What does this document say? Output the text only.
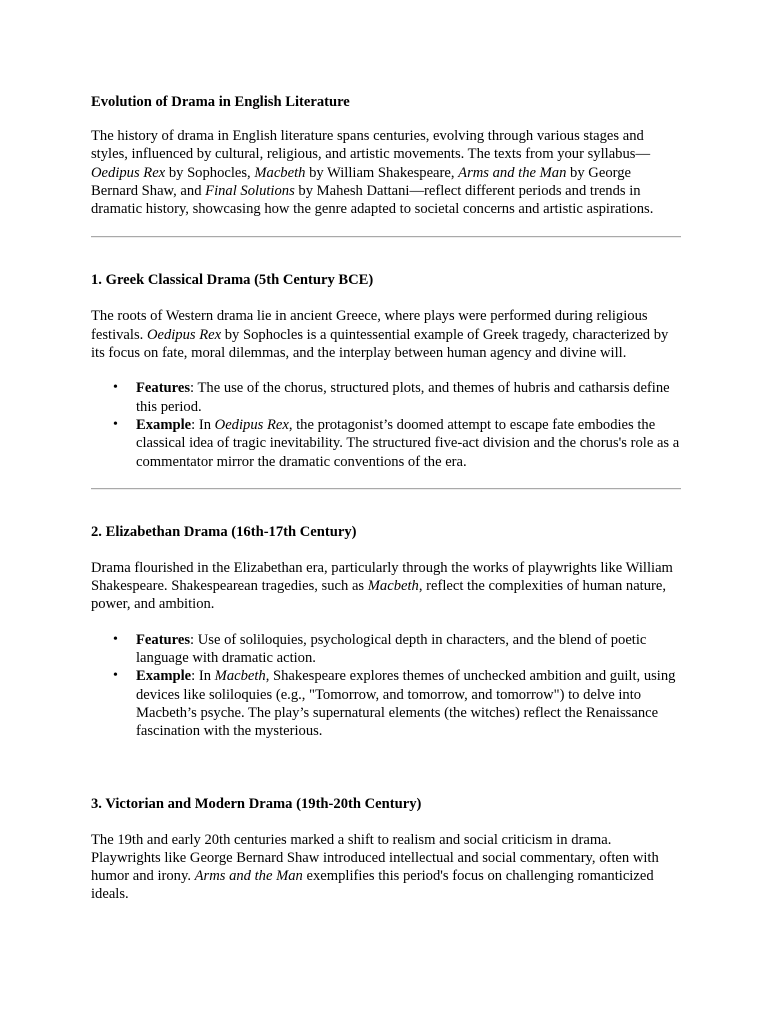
Evolution of Drama in English Literature

The history of drama in English literature spans centuries, evolving through various stages and styles, influenced by cultural, religious, and artistic movements. The texts from your syllabus—Oedipus Rex by Sophocles, Macbeth by William Shakespeare, Arms and the Man by George Bernard Shaw, and Final Solutions by Mahesh Dattani—reflect different periods and trends in dramatic history, showcasing how the genre adapted to societal concerns and artistic aspirations.

1. Greek Classical Drama (5th Century BCE)

The roots of Western drama lie in ancient Greece, where plays were performed during religious festivals. Oedipus Rex by Sophocles is a quintessential example of Greek tragedy, characterized by its focus on fate, moral dilemmas, and the interplay between human agency and divine will.

• Features: The use of the chorus, structured plots, and themes of hubris and catharsis define this period.
• Example: In Oedipus Rex, the protagonist’s doomed attempt to escape fate embodies the classical idea of tragic inevitability. The structured five-act division and the chorus's role as a commentator mirror the dramatic conventions of the era.
2. Elizabethan Drama (16th-17th Century)

Drama flourished in the Elizabethan era, particularly through the works of playwrights like William Shakespeare. Shakespearean tragedies, such as Macbeth, reflect the complexities of human nature, power, and ambition.

• Features: Use of soliloquies, psychological depth in characters, and the blend of poetic language with dramatic action.
• Example: In Macbeth, Shakespeare explores themes of unchecked ambition and guilt, using devices like soliloquies (e.g., "Tomorrow, and tomorrow, and tomorrow") to delve into Macbeth’s psyche. The play’s supernatural elements (the witches) reflect the Renaissance fascination with the mysterious.
3. Victorian and Modern Drama (19th-20th Century)

The 19th and early 20th centuries marked a shift to realism and social criticism in drama. Playwrights like George Bernard Shaw introduced intellectual and social commentary, often with humor and irony. Arms and the Man exemplifies this period's focus on challenging romanticized ideals.
